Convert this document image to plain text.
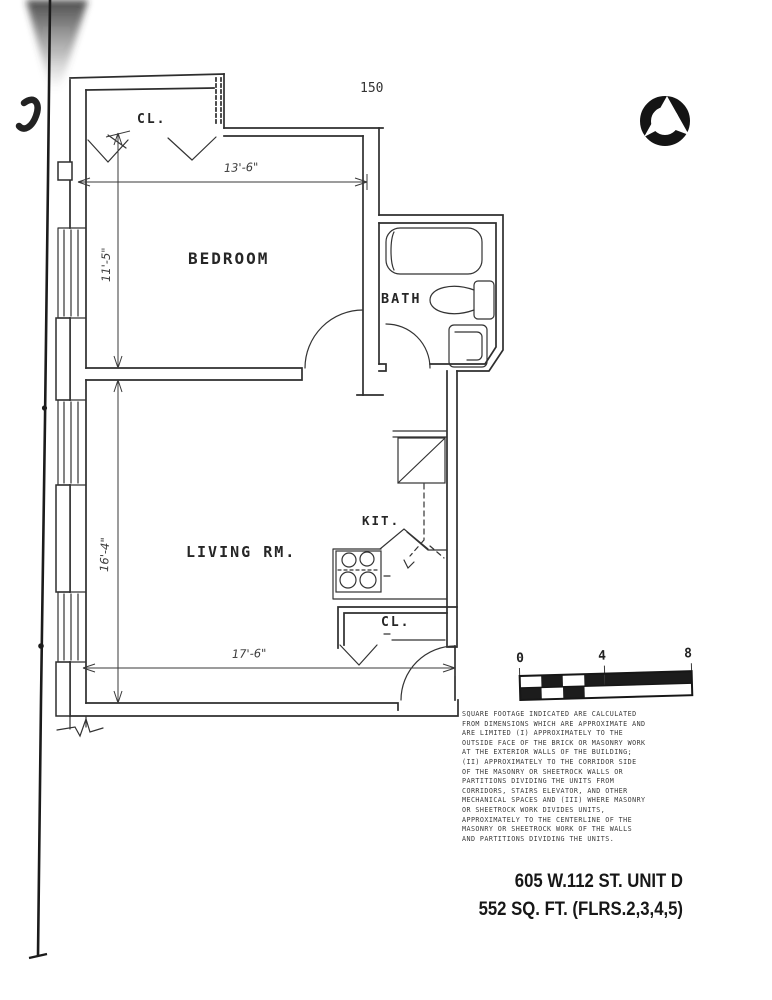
150
13'-6"
11'-5"
16'-4"
17'-6"
CL.
BEDROOM
BATH
LIVING RM.
KIT.
CL.
0	4	8
SQUARE FOOTAGE INDICATED ARE CALCULATED
FROM DIMENSIONS WHICH ARE APPROXIMATE AND
ARE LIMITED (I) APPROXIMATELY TO THE
OUTSIDE FACE OF THE BRICK OR MASONRY WORK
AT THE EXTERIOR WALLS OF THE BUILDING;
(II) APPROXIMATELY TO THE CORRIDOR SIDE
OF THE MASONRY OR SHEETROCK WALLS OR
PARTITIONS DIVIDING THE UNITS FROM
CORRIDORS, STAIRS ELEVATOR, AND OTHER
MECHANICAL SPACES AND (III) WHERE MASONRY
OR SHEETROCK WORK DIVIDES UNITS,
APPROXIMATELY TO THE CENTERLINE OF THE
MASONRY OR SHEETROCK WORK OF THE WALLS
AND PARTITIONS DIVIDING THE UNITS.
605 W.112 ST. UNIT D
552 SQ. FT. (FLRS.2,3,4,5)
